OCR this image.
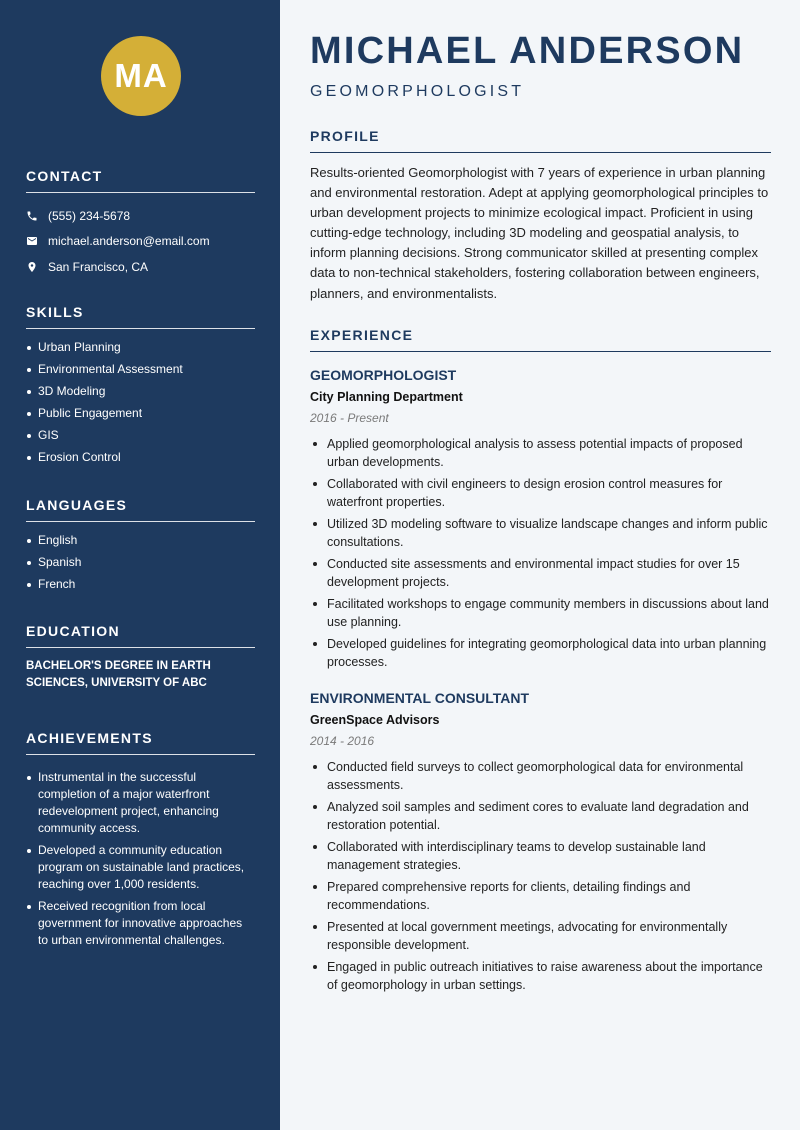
MA
CONTACT
(555) 234-5678
michael.anderson@email.com
San Francisco, CA
SKILLS
Urban Planning
Environmental Assessment
3D Modeling
Public Engagement
GIS
Erosion Control
LANGUAGES
English
Spanish
French
EDUCATION
BACHELOR'S DEGREE IN EARTH SCIENCES, UNIVERSITY OF ABC
ACHIEVEMENTS
Instrumental in the successful completion of a major waterfront redevelopment project, enhancing community access.
Developed a community education program on sustainable land practices, reaching over 1,000 residents.
Received recognition from local government for innovative approaches to urban environmental challenges.
MICHAEL ANDERSON
GEOMORPHOLOGIST
PROFILE
Results-oriented Geomorphologist with 7 years of experience in urban planning and environmental restoration. Adept at applying geomorphological principles to urban development projects to minimize ecological impact. Proficient in using cutting-edge technology, including 3D modeling and geospatial analysis, to inform planning decisions. Strong communicator skilled at presenting complex data to non-technical stakeholders, fostering collaboration between engineers, planners, and environmentalists.
EXPERIENCE
GEOMORPHOLOGIST
City Planning Department
2016 - Present
Applied geomorphological analysis to assess potential impacts of proposed urban developments.
Collaborated with civil engineers to design erosion control measures for waterfront properties.
Utilized 3D modeling software to visualize landscape changes and inform public consultations.
Conducted site assessments and environmental impact studies for over 15 development projects.
Facilitated workshops to engage community members in discussions about land use planning.
Developed guidelines for integrating geomorphological data into urban planning processes.
ENVIRONMENTAL CONSULTANT
GreenSpace Advisors
2014 - 2016
Conducted field surveys to collect geomorphological data for environmental assessments.
Analyzed soil samples and sediment cores to evaluate land degradation and restoration potential.
Collaborated with interdisciplinary teams to develop sustainable land management strategies.
Prepared comprehensive reports for clients, detailing findings and recommendations.
Presented at local government meetings, advocating for environmentally responsible development.
Engaged in public outreach initiatives to raise awareness about the importance of geomorphology in urban settings.
